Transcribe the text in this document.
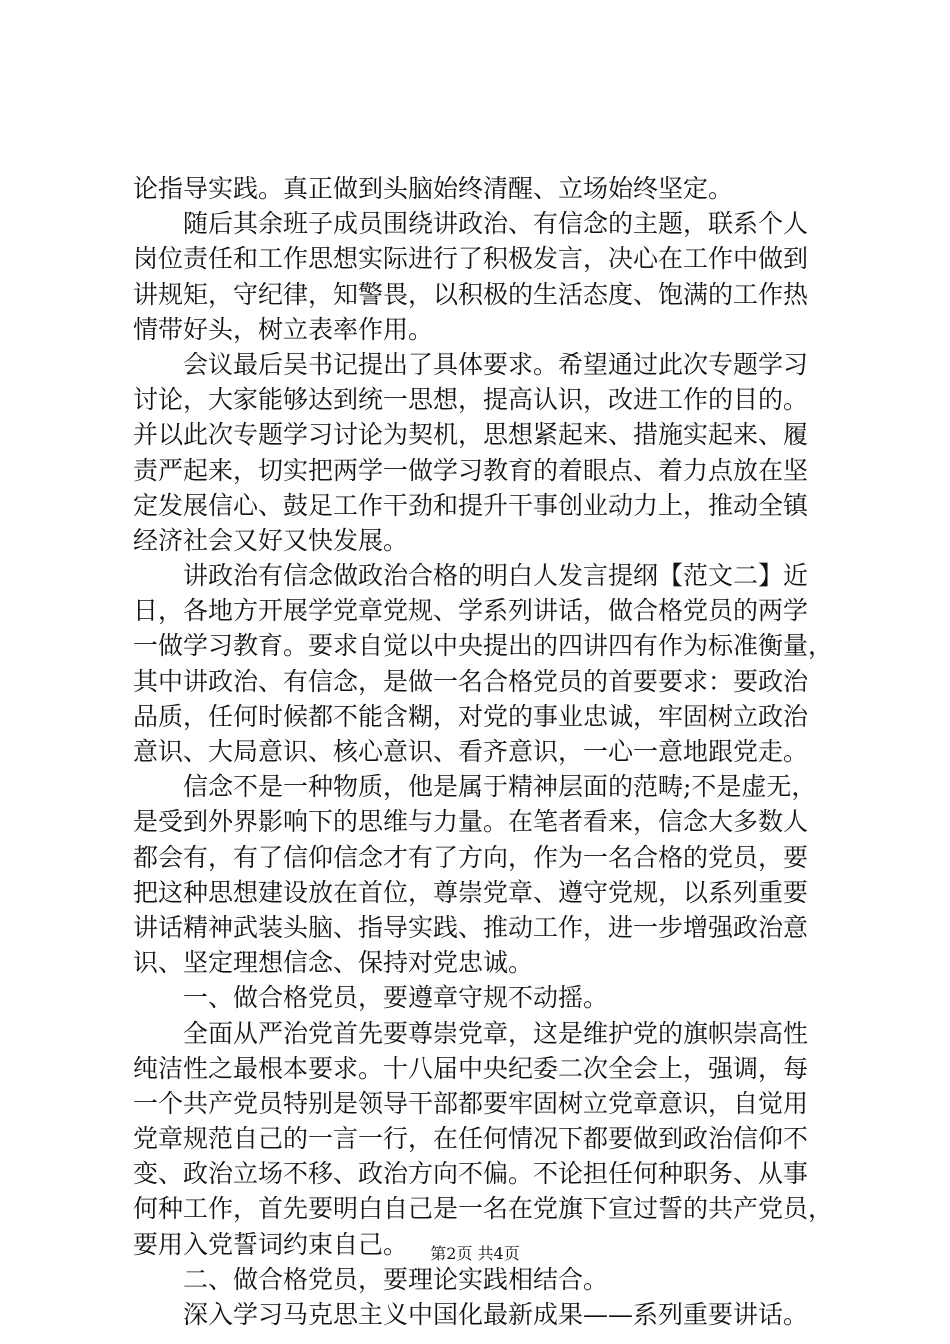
论指导实践。真正做到头脑始终清醒、立场始终坚定。
随后其余班子成员围绕讲政治、有信念的主题，联系个人
岗位责任和工作思想实际进行了积极发言，决心在工作中做到
讲规矩，守纪律，知警畏，以积极的生活态度、饱满的工作热
情带好头，树立表率作用。
会议最后吴书记提出了具体要求。希望通过此次专题学习
讨论，大家能够达到统一思想，提高认识，改进工作的目的。
并以此次专题学习讨论为契机，思想紧起来、措施实起来、履
责严起来，切实把两学一做学习教育的着眼点、着力点放在坚
定发展信心、鼓足工作干劲和提升干事创业动力上，推动全镇
经济社会又好又快发展。
讲政治有信念做政治合格的明白人发言提纲【范文二】近
日，各地方开展学党章党规、学系列讲话，做合格党员的两学
一做学习教育。要求自觉以中央提出的四讲四有作为标准衡量，
其中讲政治、有信念，是做一名合格党员的首要要求：要政治
品质，任何时候都不能含糊，对党的事业忠诚，牢固树立政治
意识、大局意识、核心意识、看齐意识，一心一意地跟党走。
信念不是一种物质，他是属于精神层面的范畴;不是虚无，
是受到外界影响下的思维与力量。在笔者看来，信念大多数人
都会有，有了信仰信念才有了方向，作为一名合格的党员，要
把这种思想建设放在首位，尊崇党章、遵守党规，以系列重要
讲话精神武装头脑、指导实践、推动工作，进一步增强政治意
识、坚定理想信念、保持对党忠诚。
一、做合格党员，要遵章守规不动摇。
全面从严治党首先要尊崇党章，这是维护党的旗帜崇高性
纯洁性之最根本要求。十八届中央纪委二次全会上，强调，每
一个共产党员特别是领导干部都要牢固树立党章意识，自觉用
党章规范自己的一言一行，在任何情况下都要做到政治信仰不
变、政治立场不移、政治方向不偏。不论担任何种职务、从事
何种工作，首先要明白自己是一名在党旗下宣过誓的共产党员，
要用入党誓词约束自己。
二、做合格党员，要理论实践相结合。
深入学习马克思主义中国化最新成果——系列重要讲话。
第2页 共4页
